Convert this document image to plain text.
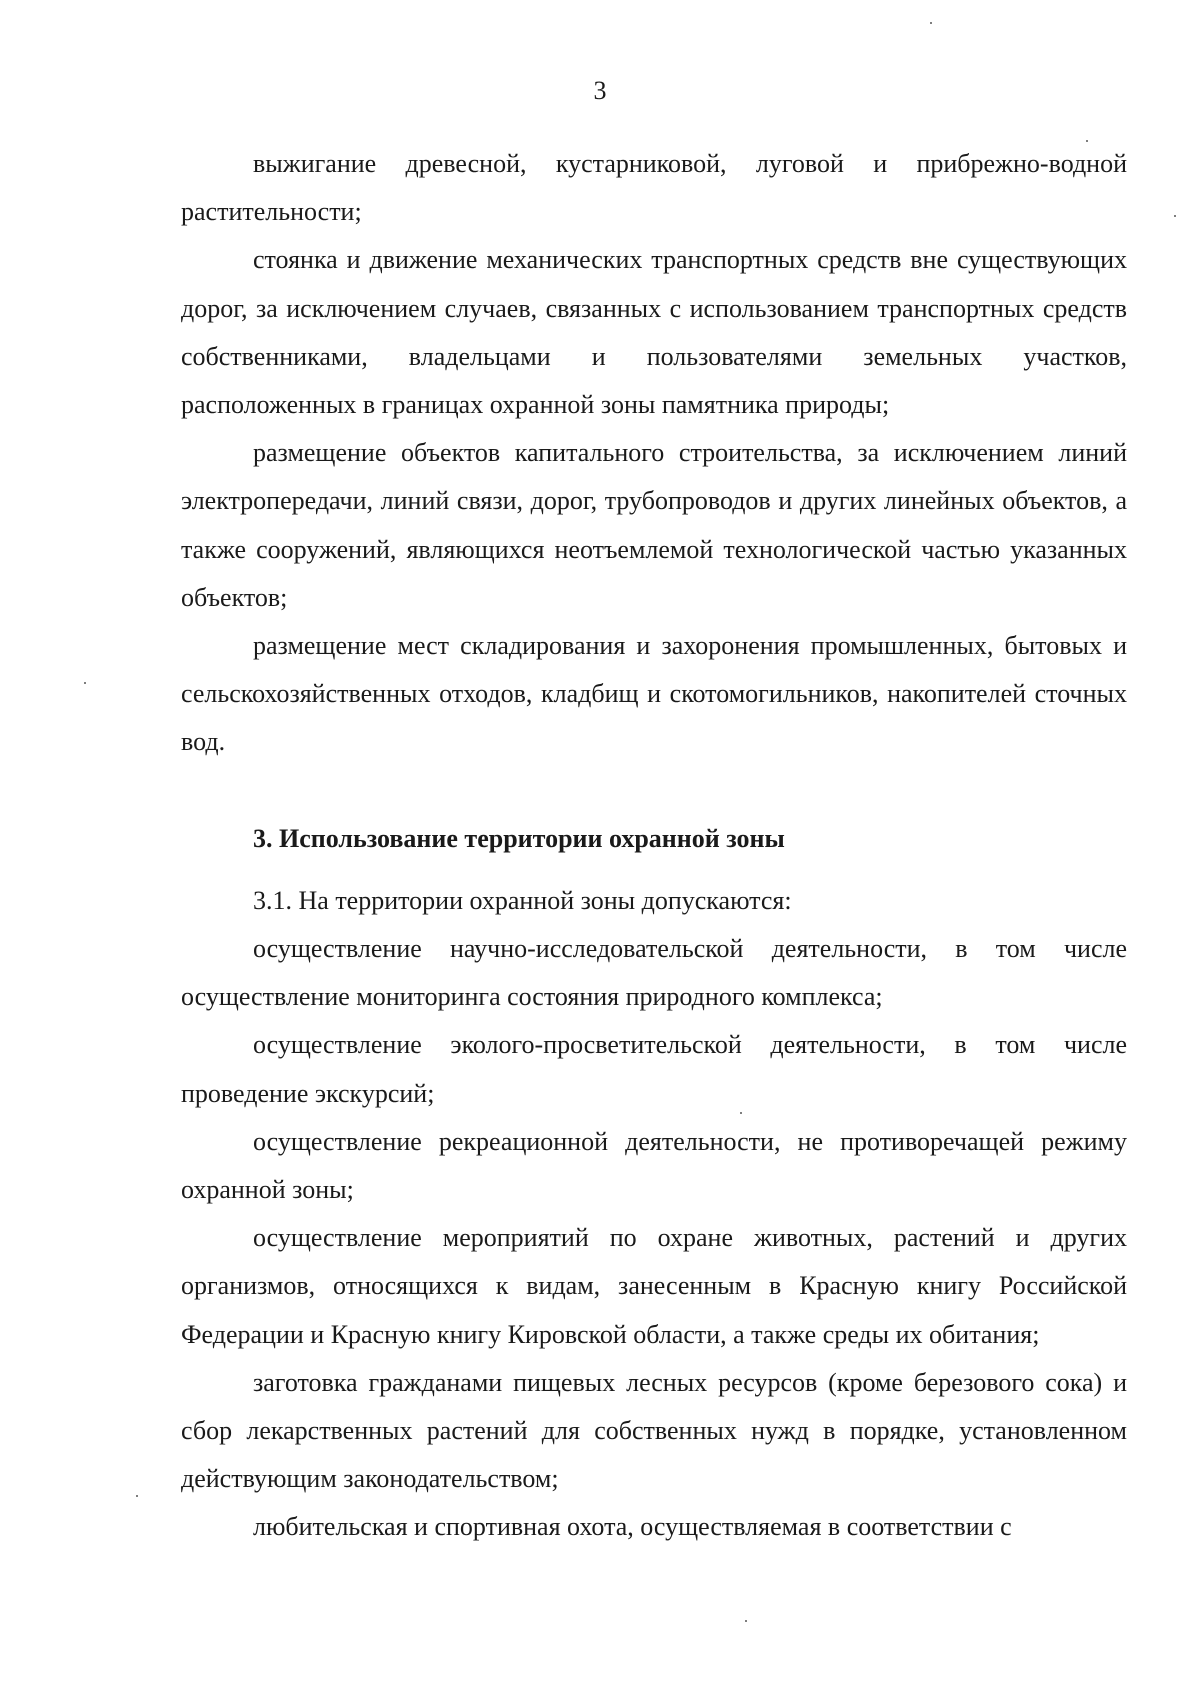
3

выжигание древесной, кустарниковой, луговой и прибрежно-водной растительности;

стоянка и движение механических транспортных средств вне существующих дорог, за исключением случаев, связанных с использованием транспортных средств собственниками, владельцами и пользователями земельных участков, расположенных в границах охранной зоны памятника природы;

размещение объектов капитального строительства, за исключением линий электропередачи, линий связи, дорог, трубопроводов и других линейных объектов, а также сооружений, являющихся неотъемлемой технологической частью указанных объектов;

размещение мест складирования и захоронения промышленных, бытовых и сельскохозяйственных отходов, кладбищ и скотомогильников, накопителей сточных вод.

3. Использование территории охранной зоны

3.1. На территории охранной зоны допускаются:

осуществление научно-исследовательской деятельности, в том числе осуществление мониторинга состояния природного комплекса;

осуществление эколого-просветительской деятельности, в том числе проведение экскурсий;

осуществление рекреационной деятельности, не противоречащей режиму охранной зоны;

осуществление мероприятий по охране животных, растений и других организмов, относящихся к видам, занесенным в Красную книгу Российской Федерации и Красную книгу Кировской области, а также среды их обитания;

заготовка гражданами пищевых лесных ресурсов (кроме березового сока) и сбор лекарственных растений для собственных нужд в порядке, установленном действующим законодательством;

любительская и спортивная охота, осуществляемая в соответствии с
